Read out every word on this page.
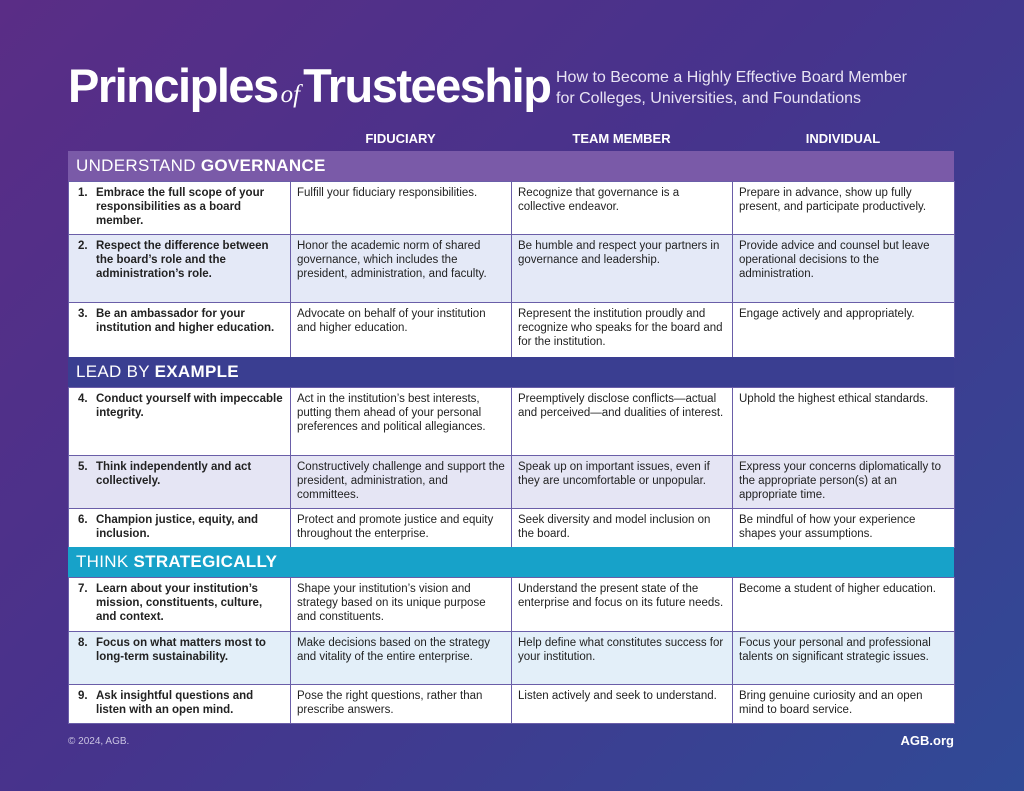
Principles ofTrusteeship How to Become a Highly Effective Board Member
for Colleges, Universities, and Foundations
FIDUCIARY	TEAM MEMBER	INDIVIDUAL
UNDERSTAND GOVERNANCE
1. Embrace the full scope of your responsibilities as a board member.	Fulfill your fiduciary responsibilities.	Recognize that governance is a collective endeavor.	Prepare in advance, show up fully present, and participate productively.
2. Respect the difference between the board’s role and the administration’s role.	Honor the academic norm of shared governance, which includes the president, administration, and faculty.	Be humble and respect your partners in governance and leadership.	Provide advice and counsel but leave operational decisions to the administration.
3. Be an ambassador for your institution and higher education.	Advocate on behalf of your institution and higher education.	Represent the institution proudly and recognize who speaks for the board and for the institution.	Engage actively and appropriately.
LEAD BY EXAMPLE
4. Conduct yourself with impeccable integrity.	Act in the institution’s best interests, putting them ahead of your personal preferences and political allegiances.	Preemptively disclose conflicts—actual and perceived—and dualities of interest.	Uphold the highest ethical standards.
5. Think independently and act collectively.	Constructively challenge and support the president, administration, and committees.	Speak up on important issues, even if they are uncomfortable or unpopular.	Express your concerns diplomatically to the appropriate person(s) at an appropriate time.
6. Champion justice, equity, and inclusion.	Protect and promote justice and equity throughout the enterprise.	Seek diversity and model inclusion on the board.	Be mindful of how your experience shapes your assumptions.
THINK STRATEGICALLY
7. Learn about your institution’s mission, constituents, culture, and context.	Shape your institution’s vision and strategy based on its unique purpose and constituents.	Understand the present state of the enterprise and focus on its future needs.	Become a student of higher education.
8. Focus on what matters most to long-term sustainability.	Make decisions based on the strategy and vitality of the entire enterprise.	Help define what constitutes success for your institution.	Focus your personal and professional talents on significant strategic issues.
9. Ask insightful questions and listen with an open mind.	Pose the right questions, rather than prescribe answers.	Listen actively and seek to understand.	Bring genuine curiosity and an open mind to board service.
© 2024, AGB.	AGB.org
